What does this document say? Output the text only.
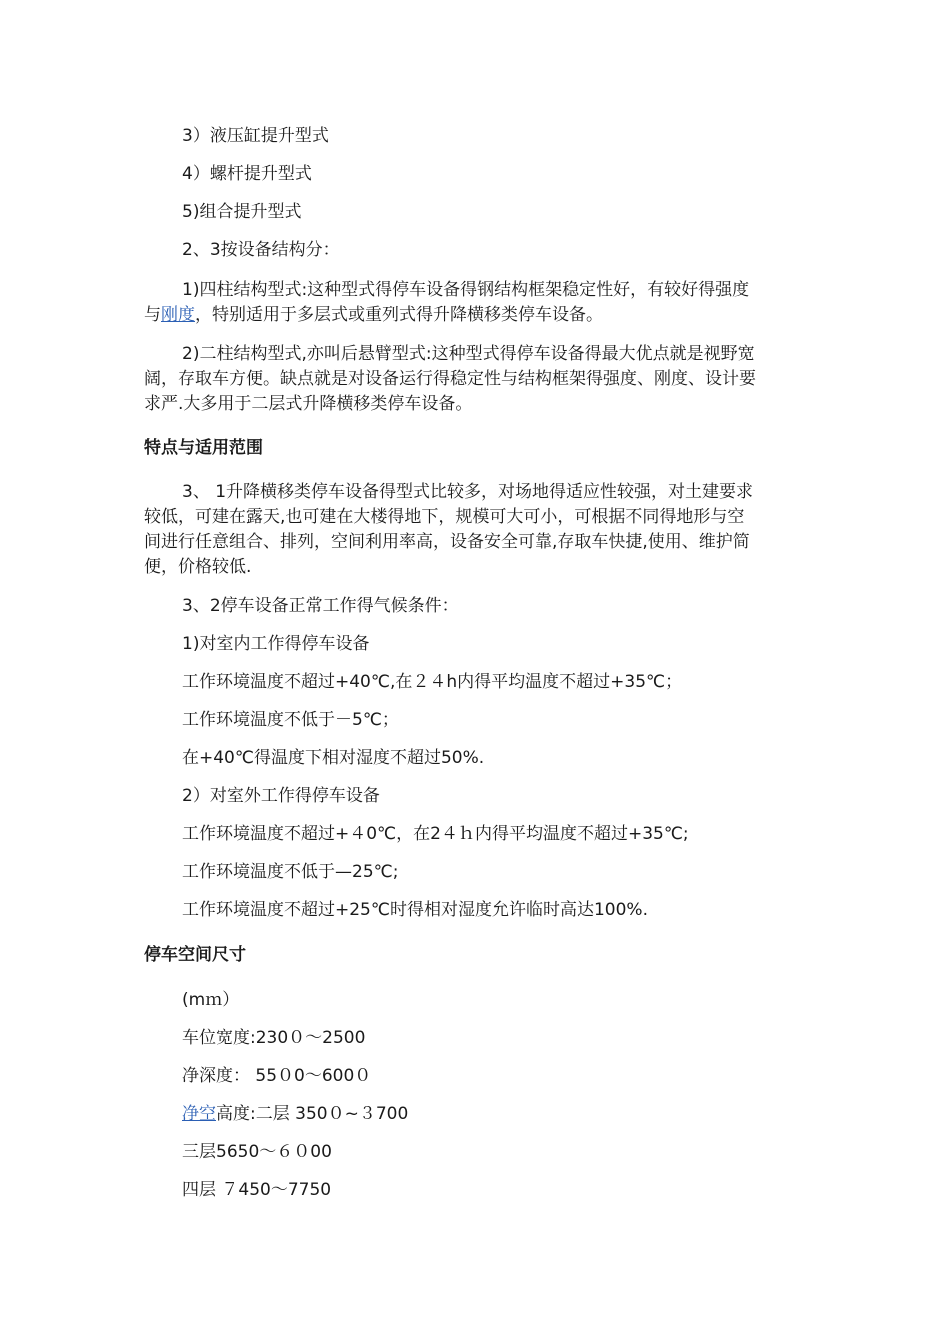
3）液压缸提升型式
4）螺杆提升型式
5)组合提升型式
2、3按设备结构分：
1)四柱结构型式:这种型式得停车设备得钢结构框架稳定性好，有较好得强度
与刚度，特别适用于多层式或重列式得升降横移类停车设备。
2)二柱结构型式,亦叫后悬臂型式:这种型式得停车设备得最大优点就是视野宽
阔，存取车方便。缺点就是对设备运行得稳定性与结构框架得强度、刚度、设计要
求严.大多用于二层式升降横移类停车设备。
特点与适用范围
3、 1升降横移类停车设备得型式比较多，对场地得适应性较强，对土建要求
较低，可建在露天,也可建在大楼得地下，规模可大可小，可根据不同得地形与空
间进行任意组合、排列，空间利用率高，设备安全可靠,存取车快捷,使用、维护简
便，价格较低.
3、2停车设备正常工作得气候条件：
1)对室内工作得停车设备
工作环境温度不超过+40℃,在２４h内得平均温度不超过+35℃；
工作环境温度不低于－5℃；
在+40℃得温度下相对湿度不超过50%.
2）对室外工作得停车设备
工作环境温度不超过+４0℃，在2４ｈ内得平均温度不超过+35℃;
工作环境温度不低于—25℃;
工作环境温度不超过+25℃时得相对湿度允许临时高达100%.
停车空间尺寸
(mｍ）
车位宽度:230０～2500
净深度： 55０0～600０
净空高度:二层 350０~３700
三层5650～６０00
四层 ７450～7750
